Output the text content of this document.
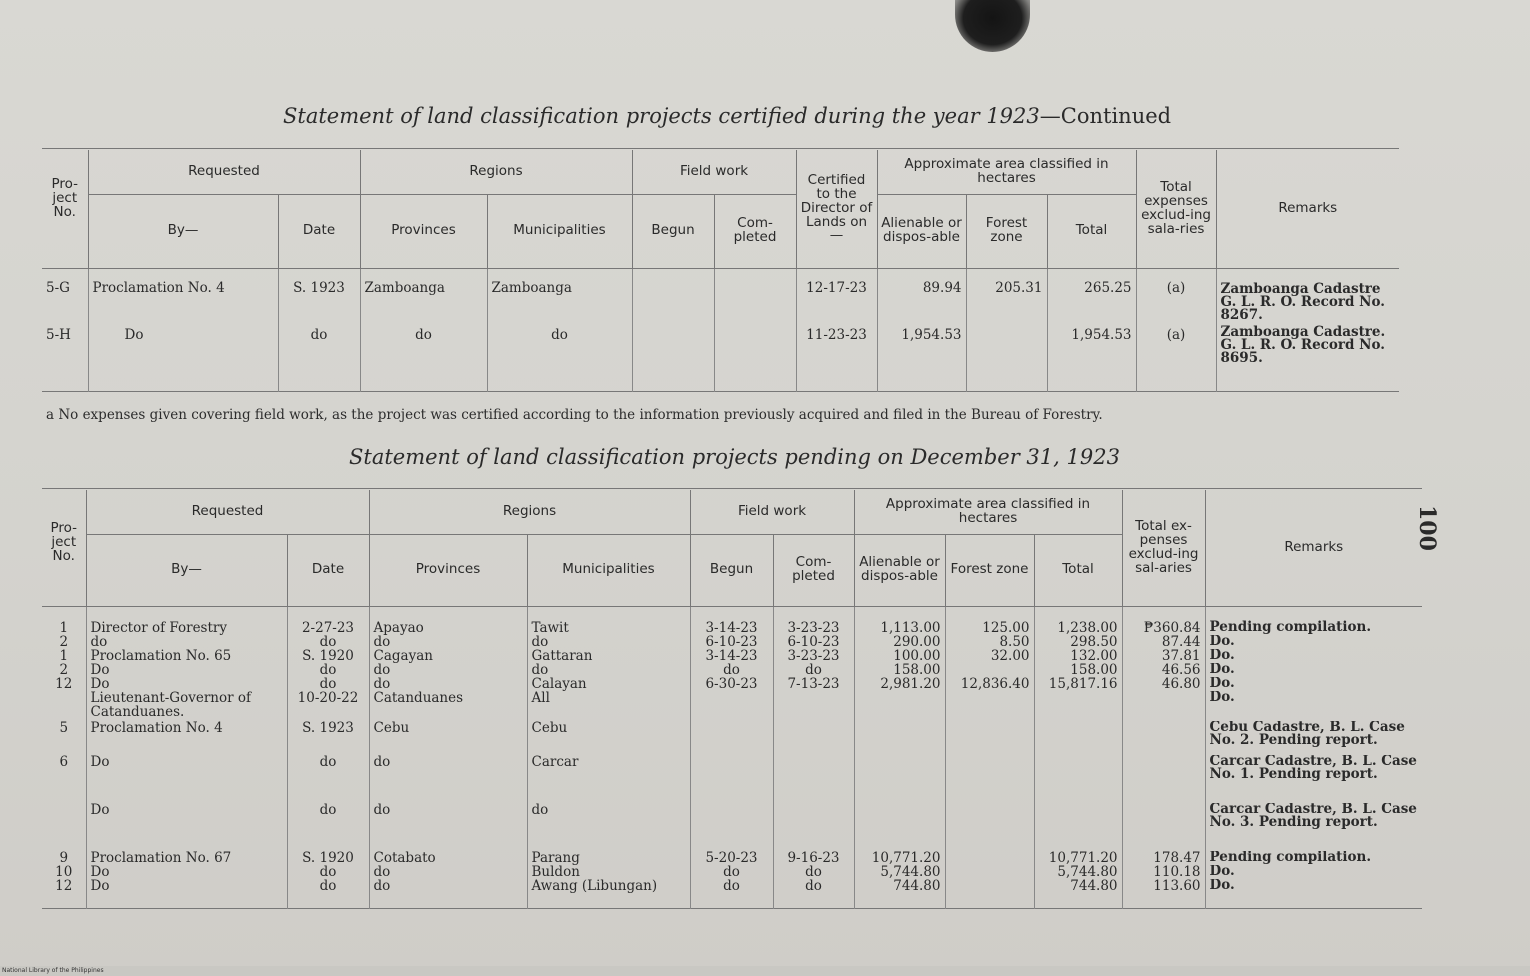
Statement of land classification projects certified during the year 1923—Continued
Pro-ject No.	Requested		Regions		Field work		Certified to the Director of Lands on—	Approximate area classified in hectares			Total expenses exclud-ing sala-ries	Remarks
	By—	Date	Provinces	Municipalities	Begun	Com-pleted		Alienable or dispos-able	Forest zone	Total		
5-G	Proclamation No. 4	S. 1923	Zamboanga	Zamboanga			12-17-23	89.94	205.31	265.25	(a)	Zamboanga Cadastre G. L. R. O. Record No. 8267.
5-H	Do	do	do	do			11-23-23	1,954.53		1,954.53	(a)	Zamboanga Cadastre. G. L. R. O. Record No. 8695.
a No expenses given covering field work, as the project was certified according to the information previously acquired and filed in the Bureau of Forestry.
Statement of land classification projects pending on December 31, 1923
Pro-ject No.	Requested		Regions		Field work		Approximate area classified in hectares			Total ex-penses exclud-ing sal-aries	Remarks
	By—	Date	Provinces	Municipalities	Begun	Com-pleted	Alienable or dispos-able	Forest zone	Total		
1	Director of Forestry	2-27-23	Apayao	Tawit	3-14-23	3-23-23	1,113.00	125.00	1,238.00	₱360.84	Pending compilation.
2	do	do	do	do	6-10-23	6-10-23	290.00	8.50	298.50	87.44	Do.
1	Proclamation No. 65	S. 1920	Cagayan	Gattaran	3-14-23	3-23-23	100.00	32.00	132.00	37.81	Do.
2	Do	do	do	do	do	do	158.00		158.00	46.56	Do.
12	Do	do	do	Calayan	6-30-23	7-13-23	2,981.20	12,836.40	15,817.16	46.80	Do.
	Lieutenant-Governor of Catanduanes.	10-20-22	Catanduanes	All							Do.
5	Proclamation No. 4	S. 1923	Cebu	Cebu							Cebu Cadastre, B. L. Case No. 2. Pending report.
6	Do	do	do	Carcar							Carcar Cadastre, B. L. Case No. 1. Pending report.
	Do	do	do	do							Carcar Cadastre, B. L. Case No. 3. Pending report.
9	Proclamation No. 67	S. 1920	Cotabato	Parang	5-20-23	9-16-23	10,771.20		10,771.20	178.47	Pending compilation.
10	Do	do	do	Buldon	do	do	5,744.80		5,744.80	110.18	Do.
12	Do	do	do	Awang (Libungan)	do	do	744.80		744.80	113.60	Do.
100
National Library of the Philippines
